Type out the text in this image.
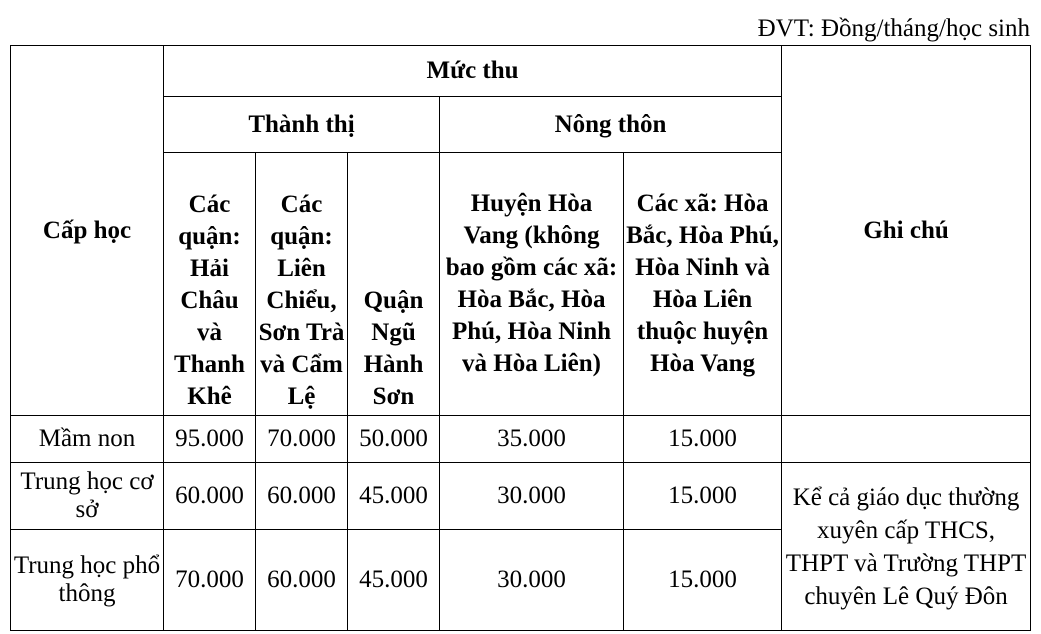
ĐVT: Đồng/tháng/học sinh
Cấp học	Mức thu					Ghi chú
	Thành thị			Nông thôn		
	Các quận: Hải Châu và Thanh Khê	Các quận: Liên Chiểu, Sơn Trà và Cẩm Lệ	Quận Ngũ Hành Sơn	Huyện Hòa Vang (không bao gồm các xã: Hòa Bắc, Hòa Phú, Hòa Ninh và Hòa Liên)	Các xã: Hòa Bắc, Hòa Phú, Hòa Ninh và Hòa Liên thuộc huyện Hòa Vang	
Mầm non	95.000	70.000	50.000	35.000	15.000	
Trung học cơ sở	60.000	60.000	45.000	30.000	15.000	Kể cả giáo dục thường xuyên cấp THCS, THPT và Trường THPT chuyên Lê Quý Đôn
Trung học phổ thông	70.000	60.000	45.000	30.000	15.000	
